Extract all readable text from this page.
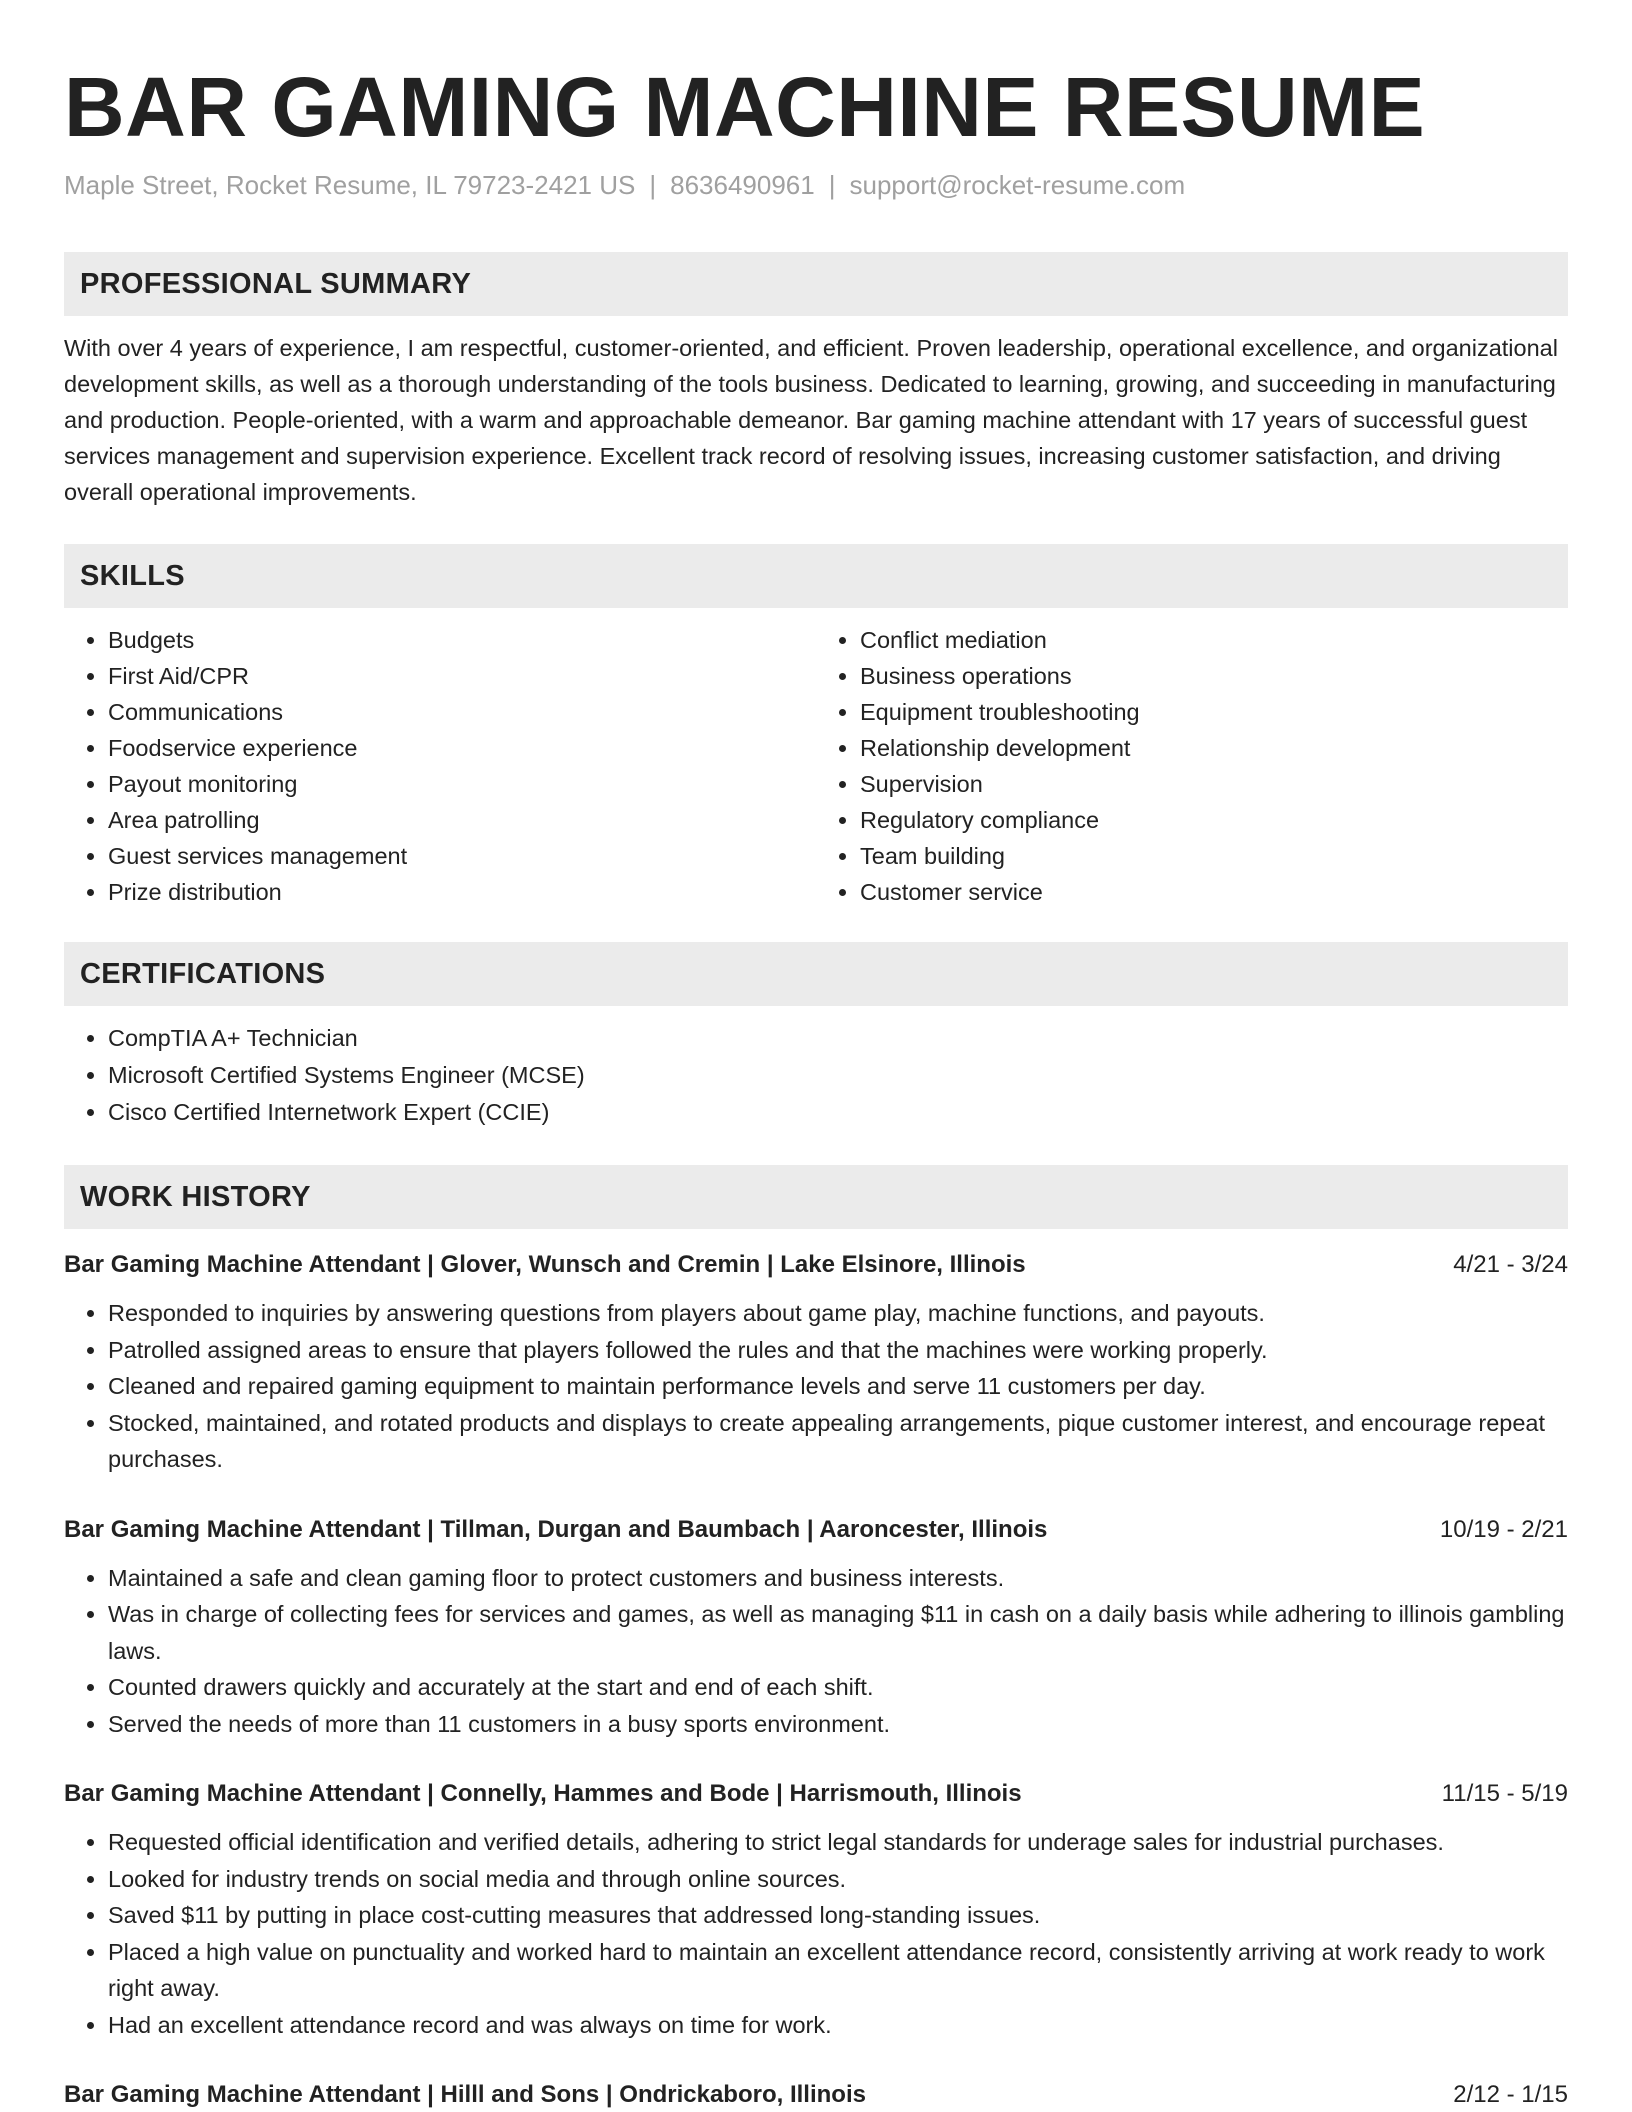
BAR GAMING MACHINE RESUME
Maple Street, Rocket Resume, IL 79723-2421 US | 8636490961 | support@rocket-resume.com
PROFESSIONAL SUMMARY
With over 4 years of experience, I am respectful, customer-oriented, and efficient. Proven leadership, operational excellence, and organizational development skills, as well as a thorough understanding of the tools business. Dedicated to learning, growing, and succeeding in manufacturing and production. People-oriented, with a warm and approachable demeanor. Bar gaming machine attendant with 17 years of successful guest services management and supervision experience. Excellent track record of resolving issues, increasing customer satisfaction, and driving overall operational improvements.
SKILLS
• Budgets
• First Aid/CPR
• Communications
• Foodservice experience
• Payout monitoring
• Area patrolling
• Guest services management
• Prize distribution
• Conflict mediation
• Business operations
• Equipment troubleshooting
• Relationship development
• Supervision
• Regulatory compliance
• Team building
• Customer service
CERTIFICATIONS
• CompTIA A+ Technician
• Microsoft Certified Systems Engineer (MCSE)
• Cisco Certified Internetwork Expert (CCIE)
WORK HISTORY
Bar Gaming Machine Attendant | Glover, Wunsch and Cremin | Lake Elsinore, Illinois	4/21 - 3/24
• Responded to inquiries by answering questions from players about game play, machine functions, and payouts.
• Patrolled assigned areas to ensure that players followed the rules and that the machines were working properly.
• Cleaned and repaired gaming equipment to maintain performance levels and serve 11 customers per day.
• Stocked, maintained, and rotated products and displays to create appealing arrangements, pique customer interest, and encourage repeat purchases.
Bar Gaming Machine Attendant | Tillman, Durgan and Baumbach | Aaroncester, Illinois	10/19 - 2/21
• Maintained a safe and clean gaming floor to protect customers and business interests.
• Was in charge of collecting fees for services and games, as well as managing $11 in cash on a daily basis while adhering to illinois gambling laws.
• Counted drawers quickly and accurately at the start and end of each shift.
• Served the needs of more than 11 customers in a busy sports environment.
Bar Gaming Machine Attendant | Connelly, Hammes and Bode | Harrismouth, Illinois	11/15 - 5/19
• Requested official identification and verified details, adhering to strict legal standards for underage sales for industrial purchases.
• Looked for industry trends on social media and through online sources.
• Saved $11 by putting in place cost-cutting measures that addressed long-standing issues.
• Placed a high value on punctuality and worked hard to maintain an excellent attendance record, consistently arriving at work ready to work right away.
• Had an excellent attendance record and was always on time for work.
Bar Gaming Machine Attendant | Hilll and Sons | Ondrickaboro, Illinois	2/12 - 1/15
